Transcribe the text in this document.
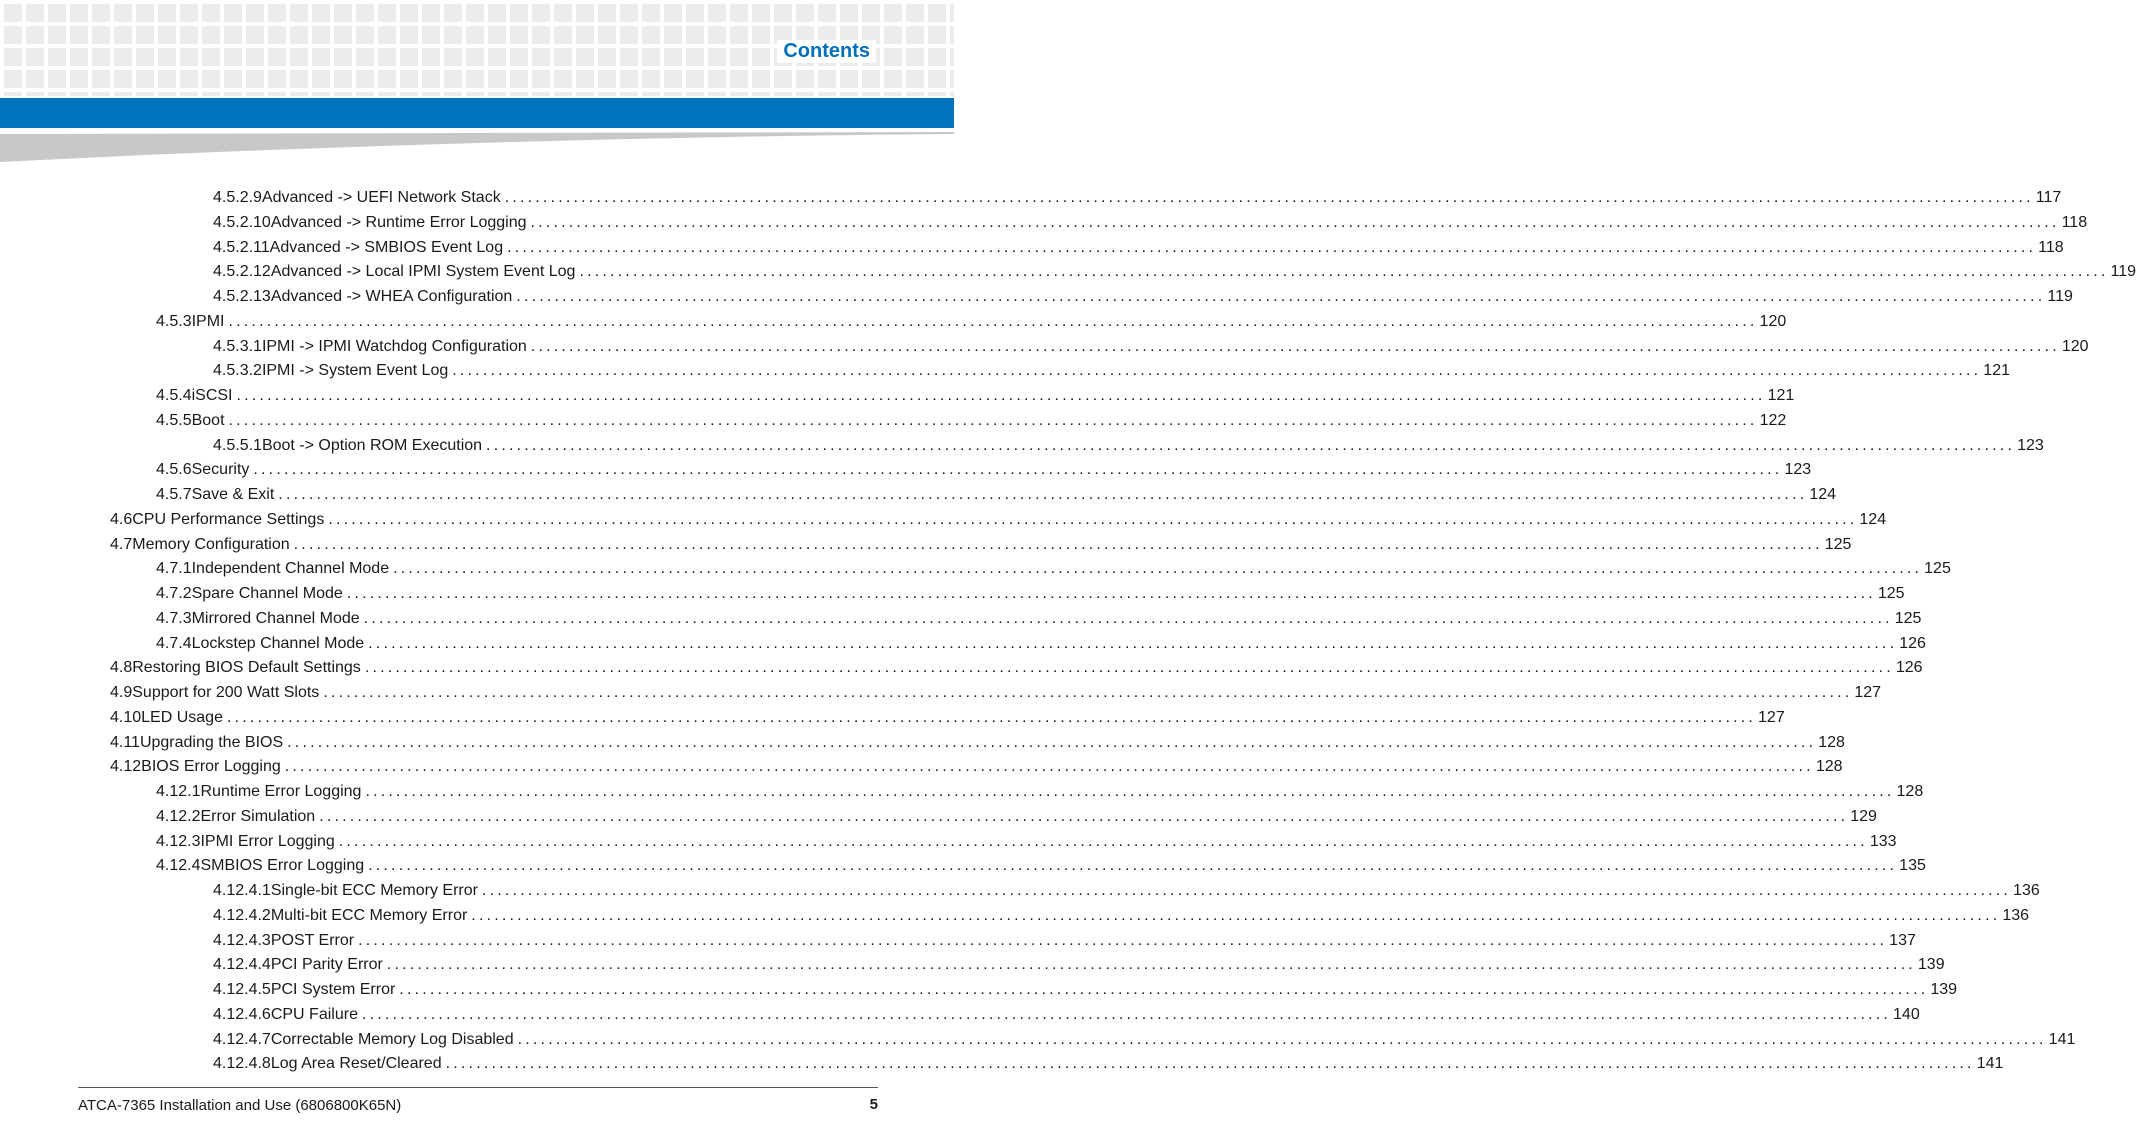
Contents
4.5.2.9 Advanced -> UEFI Network Stack ........................................................................................................................................................................................................ 117
4.5.2.10 Advanced -> Runtime Error Logging ........................................................................................................................................................................................................ 118
4.5.2.11 Advanced -> SMBIOS Event Log ........................................................................................................................................................................................................ 118
4.5.2.12 Advanced -> Local IPMI System Event Log ........................................................................................................................................................................................................ 119
4.5.2.13 Advanced -> WHEA Configuration ........................................................................................................................................................................................................ 119
4.5.3 IPMI ........................................................................................................................................................................................................ 120
4.5.3.1 IPMI -> IPMI Watchdog Configuration ........................................................................................................................................................................................................ 120
4.5.3.2 IPMI -> System Event Log ........................................................................................................................................................................................................ 121
4.5.4 iSCSI ........................................................................................................................................................................................................ 121
4.5.5 Boot ........................................................................................................................................................................................................ 122
4.5.5.1 Boot -> Option ROM Execution ........................................................................................................................................................................................................ 123
4.5.6 Security ........................................................................................................................................................................................................ 123
4.5.7 Save & Exit ........................................................................................................................................................................................................ 124
4.6 CPU Performance Settings ........................................................................................................................................................................................................ 124
4.7 Memory Configuration ........................................................................................................................................................................................................ 125
4.7.1 Independent Channel Mode ........................................................................................................................................................................................................ 125
4.7.2 Spare Channel Mode ........................................................................................................................................................................................................ 125
4.7.3 Mirrored Channel Mode ........................................................................................................................................................................................................ 125
4.7.4 Lockstep Channel Mode ........................................................................................................................................................................................................ 126
4.8 Restoring BIOS Default Settings ........................................................................................................................................................................................................ 126
4.9 Support for 200 Watt Slots ........................................................................................................................................................................................................ 127
4.10 LED Usage ........................................................................................................................................................................................................ 127
4.11 Upgrading the BIOS ........................................................................................................................................................................................................ 128
4.12 BIOS Error Logging ........................................................................................................................................................................................................ 128
4.12.1 Runtime Error Logging ........................................................................................................................................................................................................ 128
4.12.2 Error Simulation ........................................................................................................................................................................................................ 129
4.12.3 IPMI Error Logging ........................................................................................................................................................................................................ 133
4.12.4 SMBIOS Error Logging ........................................................................................................................................................................................................ 135
4.12.4.1 Single-bit ECC Memory Error ........................................................................................................................................................................................................ 136
4.12.4.2 Multi-bit ECC Memory Error ........................................................................................................................................................................................................ 136
4.12.4.3 POST Error ........................................................................................................................................................................................................ 137
4.12.4.4 PCI Parity Error ........................................................................................................................................................................................................ 139
4.12.4.5 PCI System Error ........................................................................................................................................................................................................ 139
4.12.4.6 CPU Failure ........................................................................................................................................................................................................ 140
4.12.4.7 Correctable Memory Log Disabled ........................................................................................................................................................................................................ 141
4.12.4.8 Log Area Reset/Cleared ........................................................................................................................................................................................................ 141
ATCA-7365 Installation and Use (6806800K65N)	5
